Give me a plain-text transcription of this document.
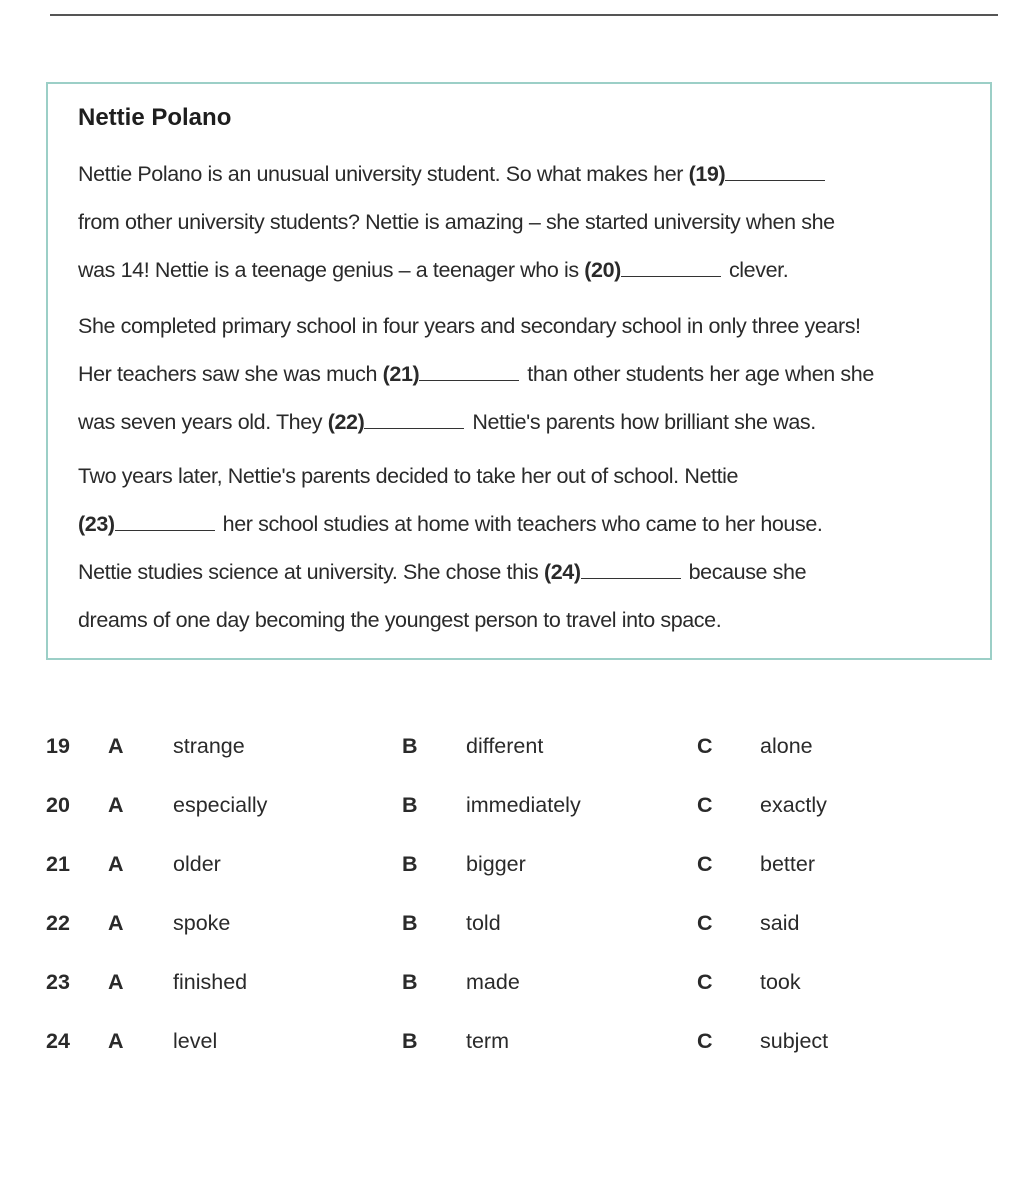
Nettie Polano
Nettie Polano is an unusual university student. So what makes her (19)
from other university students? Nettie is amazing – she started university when she
was 14! Nettie is a teenage genius – a teenager who is (20)	clever.
She completed primary school in four years and secondary school in only three years!
Her teachers saw she was much (21)	than other students her age when she
was seven years old. They (22)	Nettie's parents how brilliant she was.
Two years later, Nettie's parents decided to take her out of school. Nettie
(23)	her school studies at home with teachers who came to her house.
Nettie studies science at university. She chose this (24)	because she
dreams of one day becoming the youngest person to travel into space.
19 A strange	B different	C alone
20 A especially	B immediately	C exactly
21 A older	B bigger	C better
22 A spoke	B told	C said
23 A finished	B made	C took
24 A level	B term	C subject
